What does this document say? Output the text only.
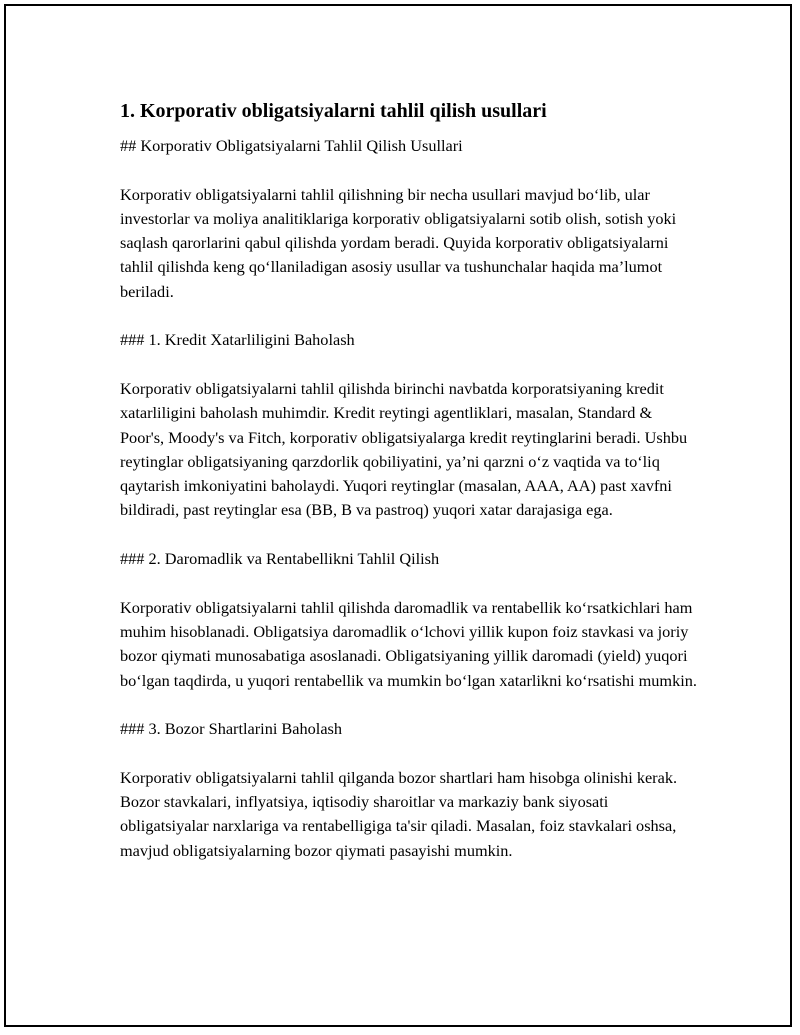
1. Korporativ obligatsiyalarni tahlil qilish usullari

## Korporativ Obligatsiyalarni Tahlil Qilish Usullari

Korporativ obligatsiyalarni tahlil qilishning bir necha usullari mavjud bo‘lib, ular investorlar va moliya analitiklariga korporativ obligatsiyalarni sotib olish, sotish yoki saqlash qarorlarini qabul qilishda yordam beradi. Quyida korporativ obligatsiyalarni tahlil qilishda keng qo‘llaniladigan asosiy usullar va tushunchalar haqida ma’lumot beriladi.

### 1. Kredit Xatarliligini Baholash

Korporativ obligatsiyalarni tahlil qilishda birinchi navbatda korporatsiyaning kredit xatarliligini baholash muhimdir. Kredit reytingi agentliklari, masalan, Standard & Poor's, Moody's va Fitch, korporativ obligatsiyalarga kredit reytinglarini beradi. Ushbu reytinglar obligatsiyaning qarzdorlik qobiliyatini, ya’ni qarzni o‘z vaqtida va to‘liq qaytarish imkoniyatini baholaydi. Yuqori reytinglar (masalan, AAA, AA) past xavfni bildiradi, past reytinglar esa (BB, B va pastroq) yuqori xatar darajasiga ega.

### 2. Daromadlik va Rentabellikni Tahlil Qilish

Korporativ obligatsiyalarni tahlil qilishda daromadlik va rentabellik ko‘rsatkichlari ham muhim hisoblanadi. Obligatsiya daromadlik o‘lchovi yillik kupon foiz stavkasi va joriy bozor qiymati munosabatiga asoslanadi. Obligatsiyaning yillik daromadi (yield) yuqori bo‘lgan taqdirda, u yuqori rentabellik va mumkin bo‘lgan xatarlikni ko‘rsatishi mumkin.

### 3. Bozor Shartlarini Baholash

Korporativ obligatsiyalarni tahlil qilganda bozor shartlari ham hisobga olinishi kerak. Bozor stavkalari, inflyatsiya, iqtisodiy sharoitlar va markaziy bank siyosati obligatsiyalar narxlariga va rentabelligiga ta'sir qiladi. Masalan, foiz stavkalari oshsa, mavjud obligatsiyalarning bozor qiymati pasayishi mumkin.
